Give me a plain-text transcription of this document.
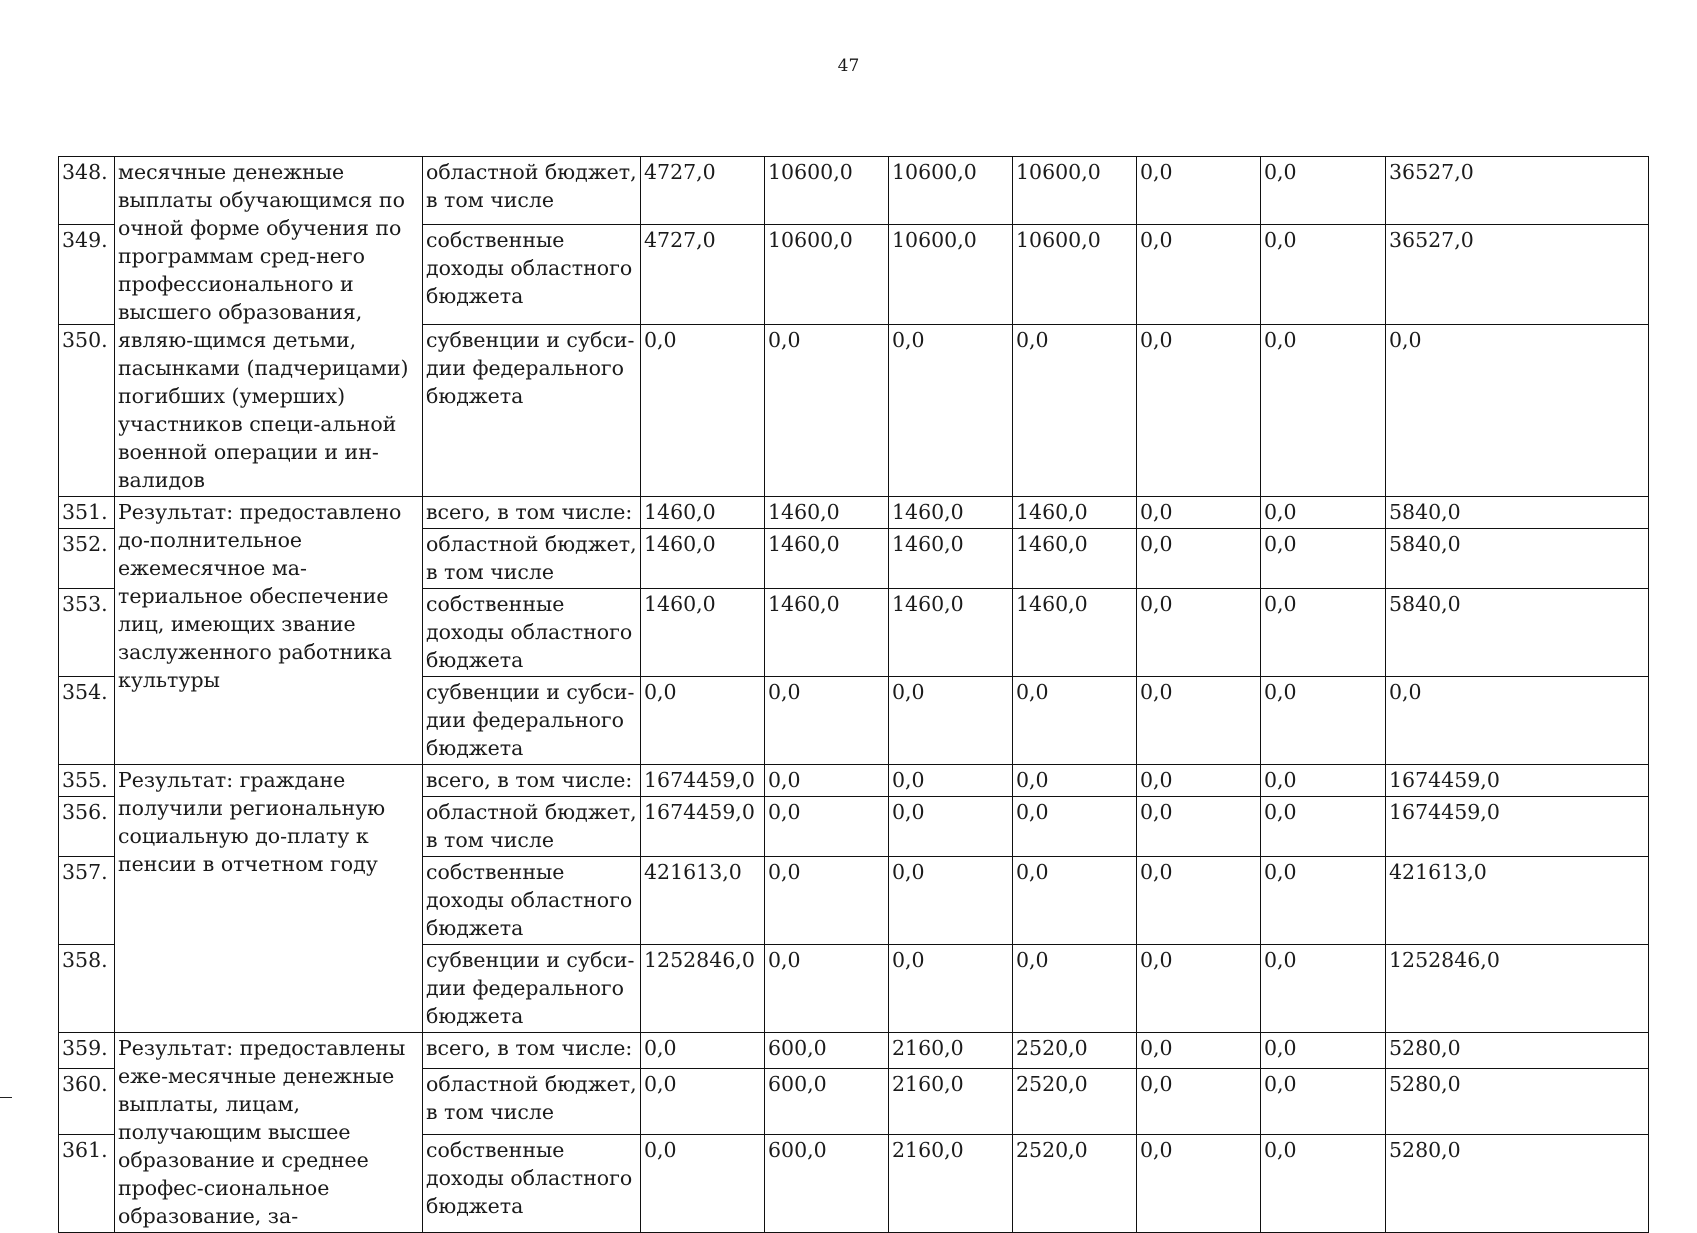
47
348.	месячные денежные выплаты обучающимся по очной форме обучения по программам сред-него профессионального и высшего образования, являю-щимся детьми, пасынками (падчерицами) погибших (умерших) участников специ-альной военной операции и ин-валидов	областной бюджет, в том числе	4727,0	10600,0	10600,0	10600,0	0,0	0,0	36527,0
349.		собственные доходы областного бюджета	4727,0	10600,0	10600,0	10600,0	0,0	0,0	36527,0
350.		субвенции и субси-дии федерального бюджета	0,0	0,0	0,0	0,0	0,0	0,0	0,0
351.	Результат: предоставлено до-полнительное ежемесячное ма-териальное обеспечение лиц, имеющих звание заслуженного работника культуры	всего, в том числе:	1460,0	1460,0	1460,0	1460,0	0,0	0,0	5840,0
352.		областной бюджет, в том числе	1460,0	1460,0	1460,0	1460,0	0,0	0,0	5840,0
353.		собственные доходы областного бюджета	1460,0	1460,0	1460,0	1460,0	0,0	0,0	5840,0
354.		субвенции и субси-дии федерального бюджета	0,0	0,0	0,0	0,0	0,0	0,0	0,0
355.	Результат: граждане получили региональную социальную до-плату к пенсии в отчетном году	всего, в том числе:	1674459,0	0,0	0,0	0,0	0,0	0,0	1674459,0
356.		областной бюджет, в том числе	1674459,0	0,0	0,0	0,0	0,0	0,0	1674459,0
357.		собственные доходы областного бюджета	421613,0	0,0	0,0	0,0	0,0	0,0	421613,0
358.		субвенции и субси-дии федерального бюджета	1252846,0	0,0	0,0	0,0	0,0	0,0	1252846,0
359.	Результат: предоставлены еже-месячные денежные выплаты, лицам, получающим высшее образование и среднее профес-сиональное образование, за-	всего, в том числе:	0,0	600,0	2160,0	2520,0	0,0	0,0	5280,0
360.		областной бюджет, в том числе	0,0	600,0	2160,0	2520,0	0,0	0,0	5280,0
361.		собственные доходы областного бюджета	0,0	600,0	2160,0	2520,0	0,0	0,0	5280,0
